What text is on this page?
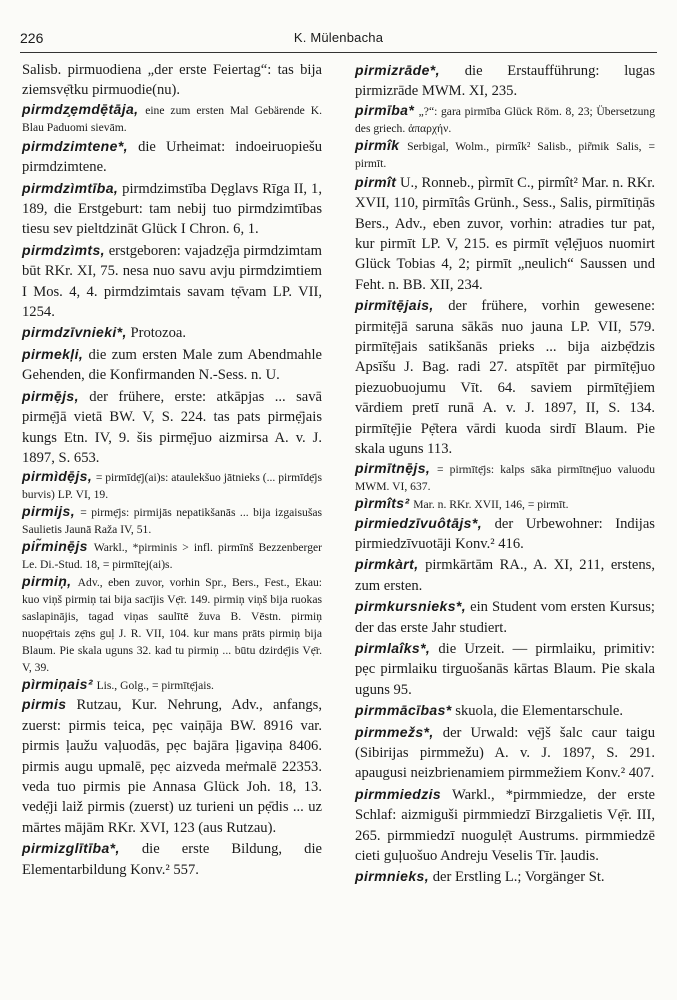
226	K. Mülenbacha

Salisb. pirmuodiena „der erste Feiertag“: tas bija ziemsvẹ̄tku pirmuodie(nu).

pirmdz̧ẹmdẹ̄tāja, eine zum ersten Mal Gebärende K. Blau Paduomi sievām.

pirmdzimtene*, die Urheimat: indoeiruopiešu pirmdzimtene.

pirmdzìmtība, pirmdzimstība Dẹglavs Rīga II, 1, 189, die Erstgeburt: tam nebij tuo pirmdzimtības tiesu sev pieltdzināt Glück I Chron. 6, 1.

pirmdzìmts, erstgeboren: vajadzẹ̄ja pirmdzimtam būt RKr. XI, 75. nesa nuo savu avju pirmdzimtiem I Mos. 4, 4. pirmdzimtais savam tẹ̄vam LP. VII, 1254.

pirmdzīvnieki*, Protozoa.

pirmekļi, die zum ersten Male zum Abendmahle Gehenden, die Konfirmanden N.-Sess. n. U.

pirmẹ̄js, der frühere, erste: atkāpjas ... savā pirmẹ̄jā vietā BW. V, S. 224. tas pats pirmẹ̄jais kungs Etn. IV, 9. šis pirmẹ̄juo aizmirsa A. v. J. 1897, S. 653.

pirmìdẹ̄js, = pirmīdẹ̄j(ai)s: ataulekšuo jātnieks (... pirmīdẹ̄js burvis) LP. VI, 19.

pirmijs, = pirmẹ̄js: pirmijās nepatikšanās ... bija izgaisušas Saulietis Jaunā Raža IV, 51.

pir̃minẹ̄js Warkl., *pirminis > infl. pirmīnš Bezzenberger Le. Di.-Stud. 18, = pirmīte̩j(ai)s.

pirmiņ, Adv., eben zuvor, vorhin Spr., Bers., Fest., Ekau: kuo viņš pirmiņ tai bija sacījis Vẹ̄r. 149. pirmiņ viņš bija ruokas saslapinājis, tagad viņas saulītē žuva B. Vēstn. pirmiņ nuopẹ̄rtais zẹ̄ns guļ J. R. VII, 104. kur mans prāts pirmiņ bija Blaum. Pie skala uguns 32. kad tu pirmiņ ... būtu dzirdẹ̄jis Vẹ̄r. V, 39.

pìrmiņais² Lis., Golg., = pirmītẹ̄jais.

pirmis Rutzau, Kur. Nehrung, Adv., anfangs, zuerst: pirmis teica, pẹc vaiņāja BW. 8916 var. pirmis ļaužu vaļuodās, pẹc bajāra ļigaviņa 8406. pirmis augu upmalē, pẹc aizveda meṙmalē 22353. veda tuo pirmis pie Annasa Glück Joh. 18, 13. vedẹ̄ji laiž pirmis (zuerst) uz turieni un pẹ̄dis ... uz mārtes mājām RKr. XVI, 123 (aus Rutzau).

pirmizglītība*, die erste Bildung, die Elementarbildung Konv.² 557.

pirmizrāde*, die Erstaufführung: lugas pirmizrāde MWM. XI, 235.

pirmība* „?“: gara pirmība Glück Röm. 8, 23; Übersetzung des griech. ἀπαρχήν.

pirmîk Serbigal, Wolm., pirmîk² Salisb., pir̃mik Salis, = pirmīt.

pirmît U., Ronneb., pìrmīt C., pirmît² Mar. n. RKr. XVII, 110, pirmītâs Grünh., Sess., Salis, pirmītiņās Bers., Adv., eben zuvor, vorhin: atradies tur pat, kur pirmīt LP. V, 215. es pirmīt vẹ̄lẹ̄juos nuomirt Glück Tobias 4, 2; pirmīt „neulich“ Saussen und Feht. n. BB. XII, 234.

pirmītẹ̄jais, der frühere, vorhin gewesene: pirmitẹ̄jā saruna sākās nuo jauna LP. VII, 579. pirmītẹ̄jais satikšanās prieks ... bija aizbẹ̄dzis Apsīšu J. Bag. radi 27. atspītēt par pirmītẹ̄juo piezuobuojumu Vīt. 64. saviem pirmītẹ̄jiem vārdiem pretī runā A. v. J. 1897, II, S. 134. pirmītẹ̄jie Pẹ̄tera vārdi kuoda sirdī Blaum. Pie skala uguns 113.

pirmītnẹ̄js, = pirmītẹ̄js: kalps sāka pirmītnẹ̄juo valuodu MWM. VI, 637.

pìrmîts² Mar. n. RKr. XVII, 146, = pirmīt.

pirmiedzīvuôtājs*, der Urbewohner: Indijas pirmiedzīvuotāji Konv.² 416.

pirmkàrt, pirmkārtām RA., A. XI, 211, erstens, zum ersten.

pirmkursnieks*, ein Student vom ersten Kursus; der das erste Jahr studiert.

pirmlaîks*, die Urzeit. — pirmlaiku, primitiv: pẹc pirmlaiku tirguošanās kārtas Blaum. Pie skala uguns 95.

pirmmācības* skuola, die Elementarschule.

pirmmežs*, der Urwald: vẹ̄jš šalc caur taigu (Sibirijas pirmmežu) A. v. J. 1897, S. 291. apaugusi neizbrienamiem pirmmežiem Konv.² 407.

pirmmiedzis Warkl., *pirmmiedze, der erste Schlaf: aizmiguši pirmmiedzī Birzgalietis Vẹ̄r. III, 265. pirmmiedzī nuogulẹ̄t Austrums. pirmmiedzē cieti guļuošuo Andreju Veselis Tīr. ļaudis.

pirmnieks, der Erstling L.; Vorgänger St.
